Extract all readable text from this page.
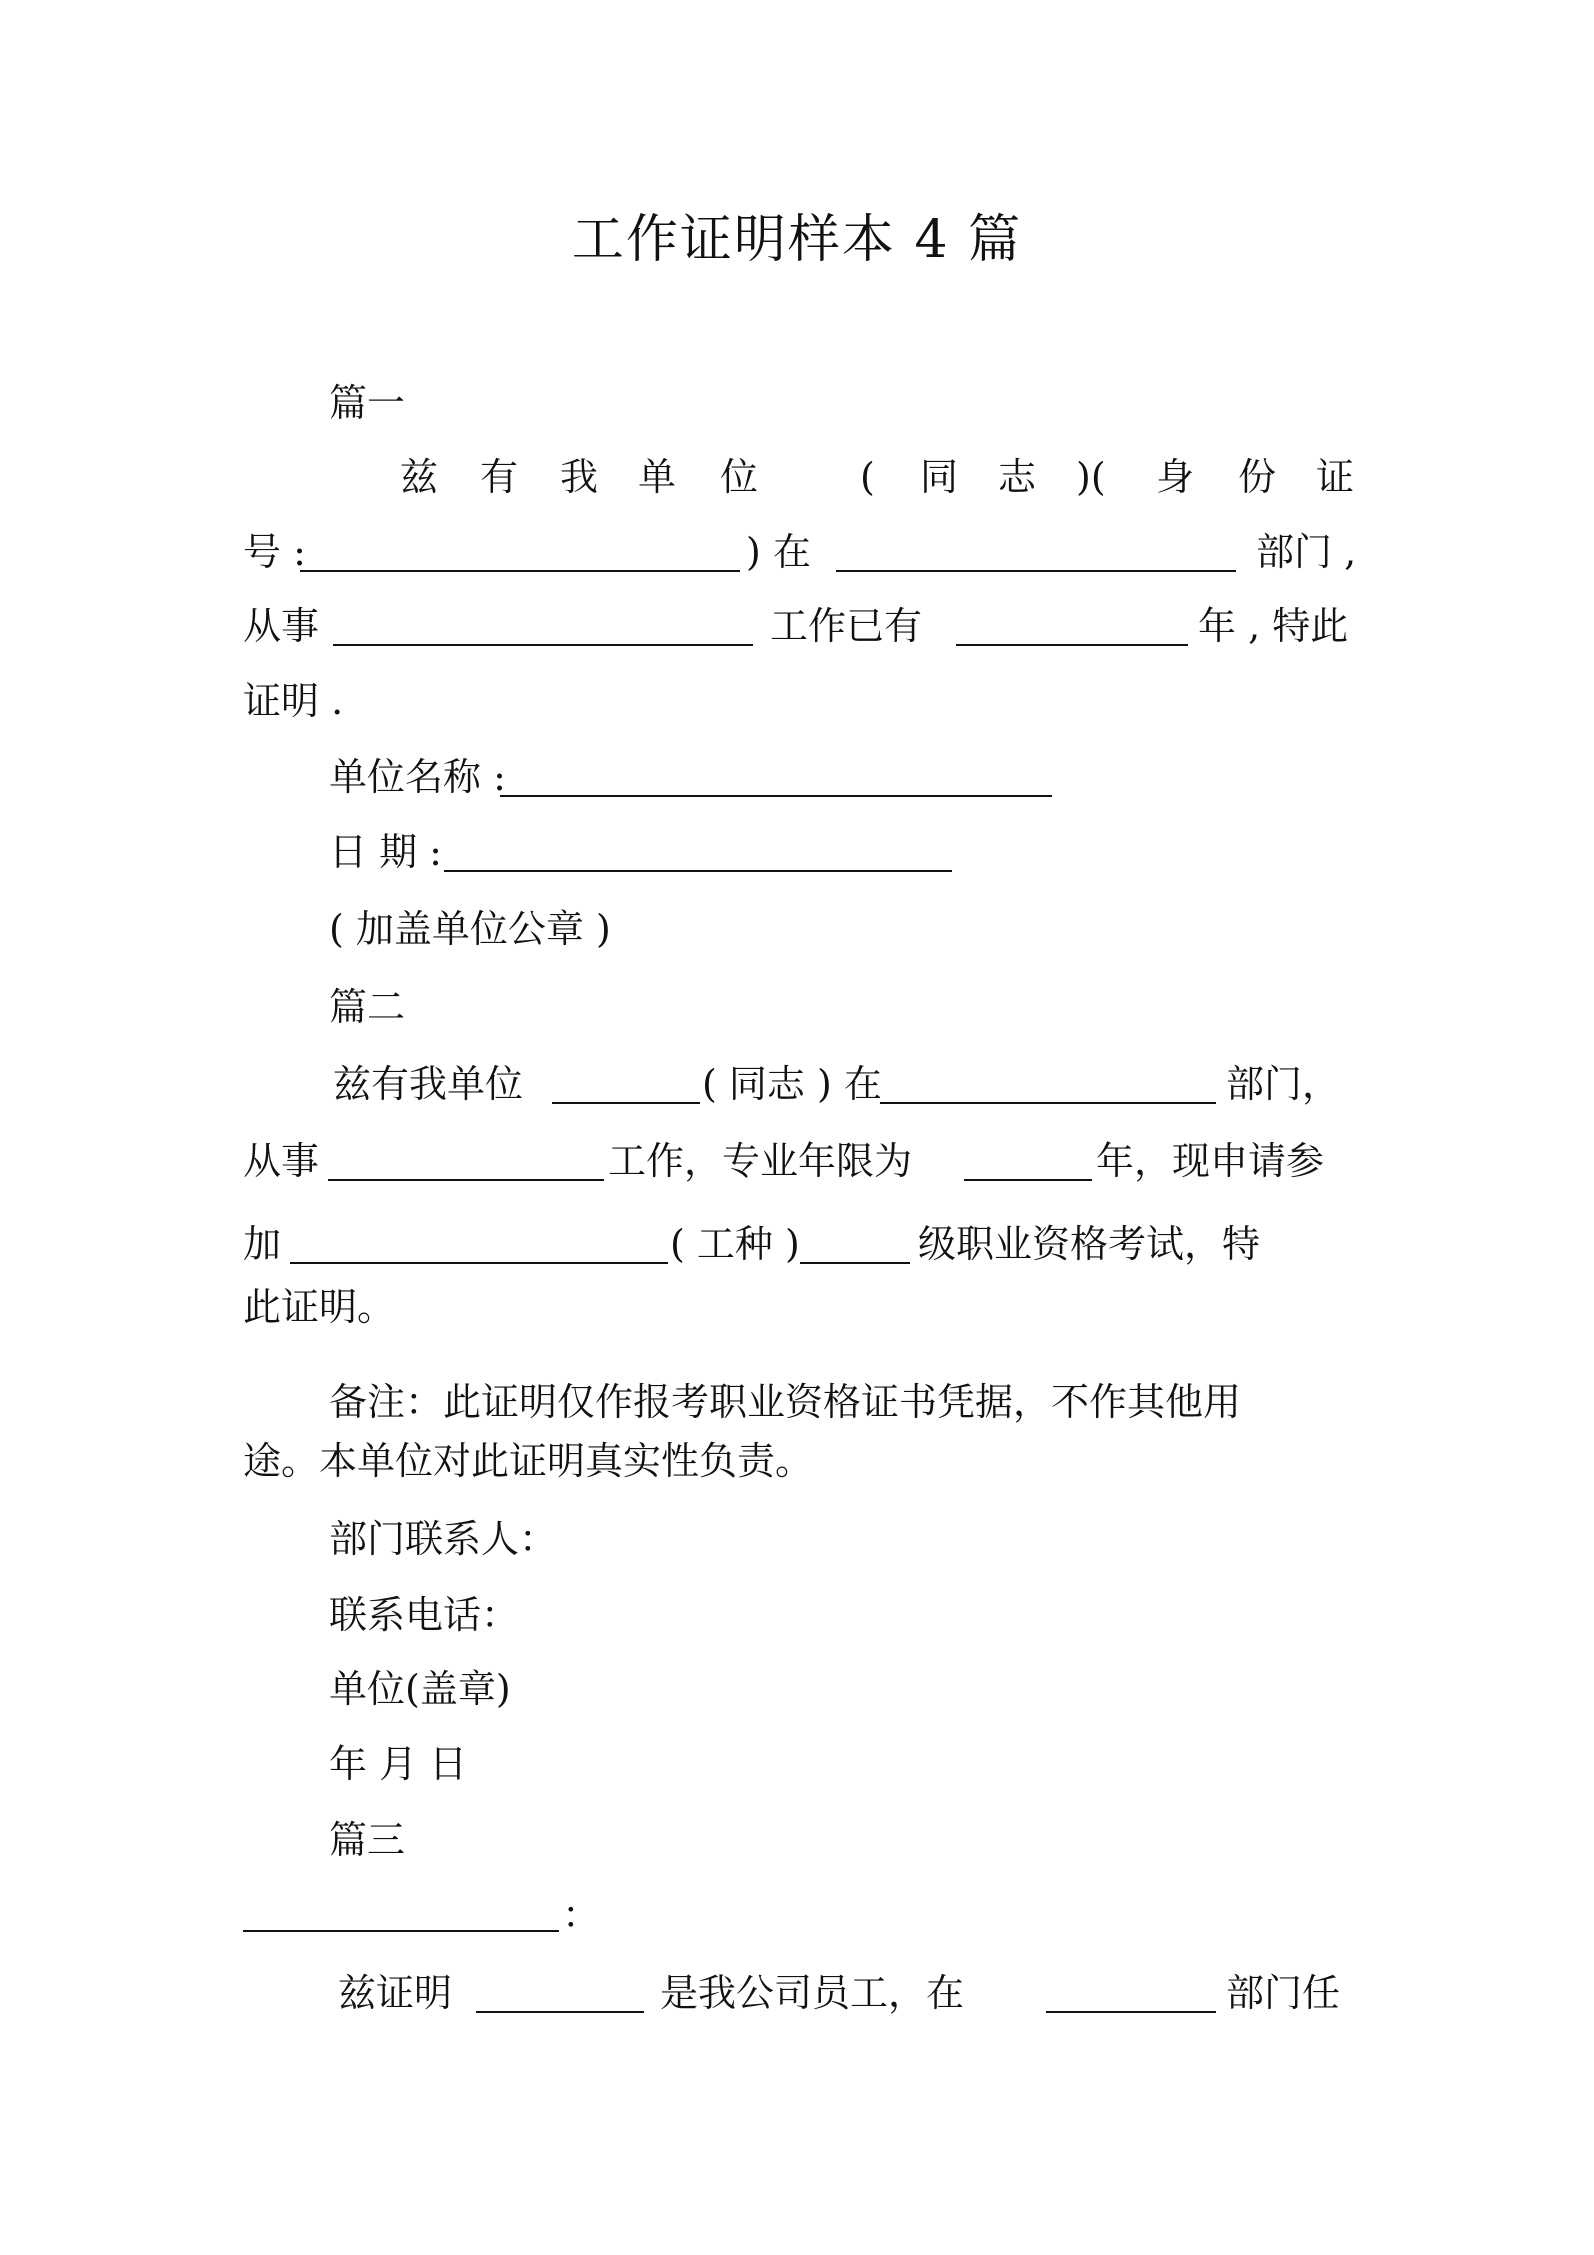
工作证明样本 4 篇
篇一
兹 有 我 单 位	( 同 志 )( 身 份 证
号 :	) 在	部门 ,
从事	工作已有	年 , 特此
证明 .
单位名称 :
日 期 :
( 加盖单位公章 )
篇二
兹有我单位	( 同志 ) 在	部门，
从事	工作，专业年限为	年，现申请参
加	( 工种 )	级职业资格考试，特
此证明。
备注：此证明仅作报考职业资格证书凭据，不作其他用
途。本单位对此证明真实性负责。
部门联系人：
联系电话：
单位(盖章)
年 月 日
篇三
：
兹证明	是我公司员工，在	部门任
